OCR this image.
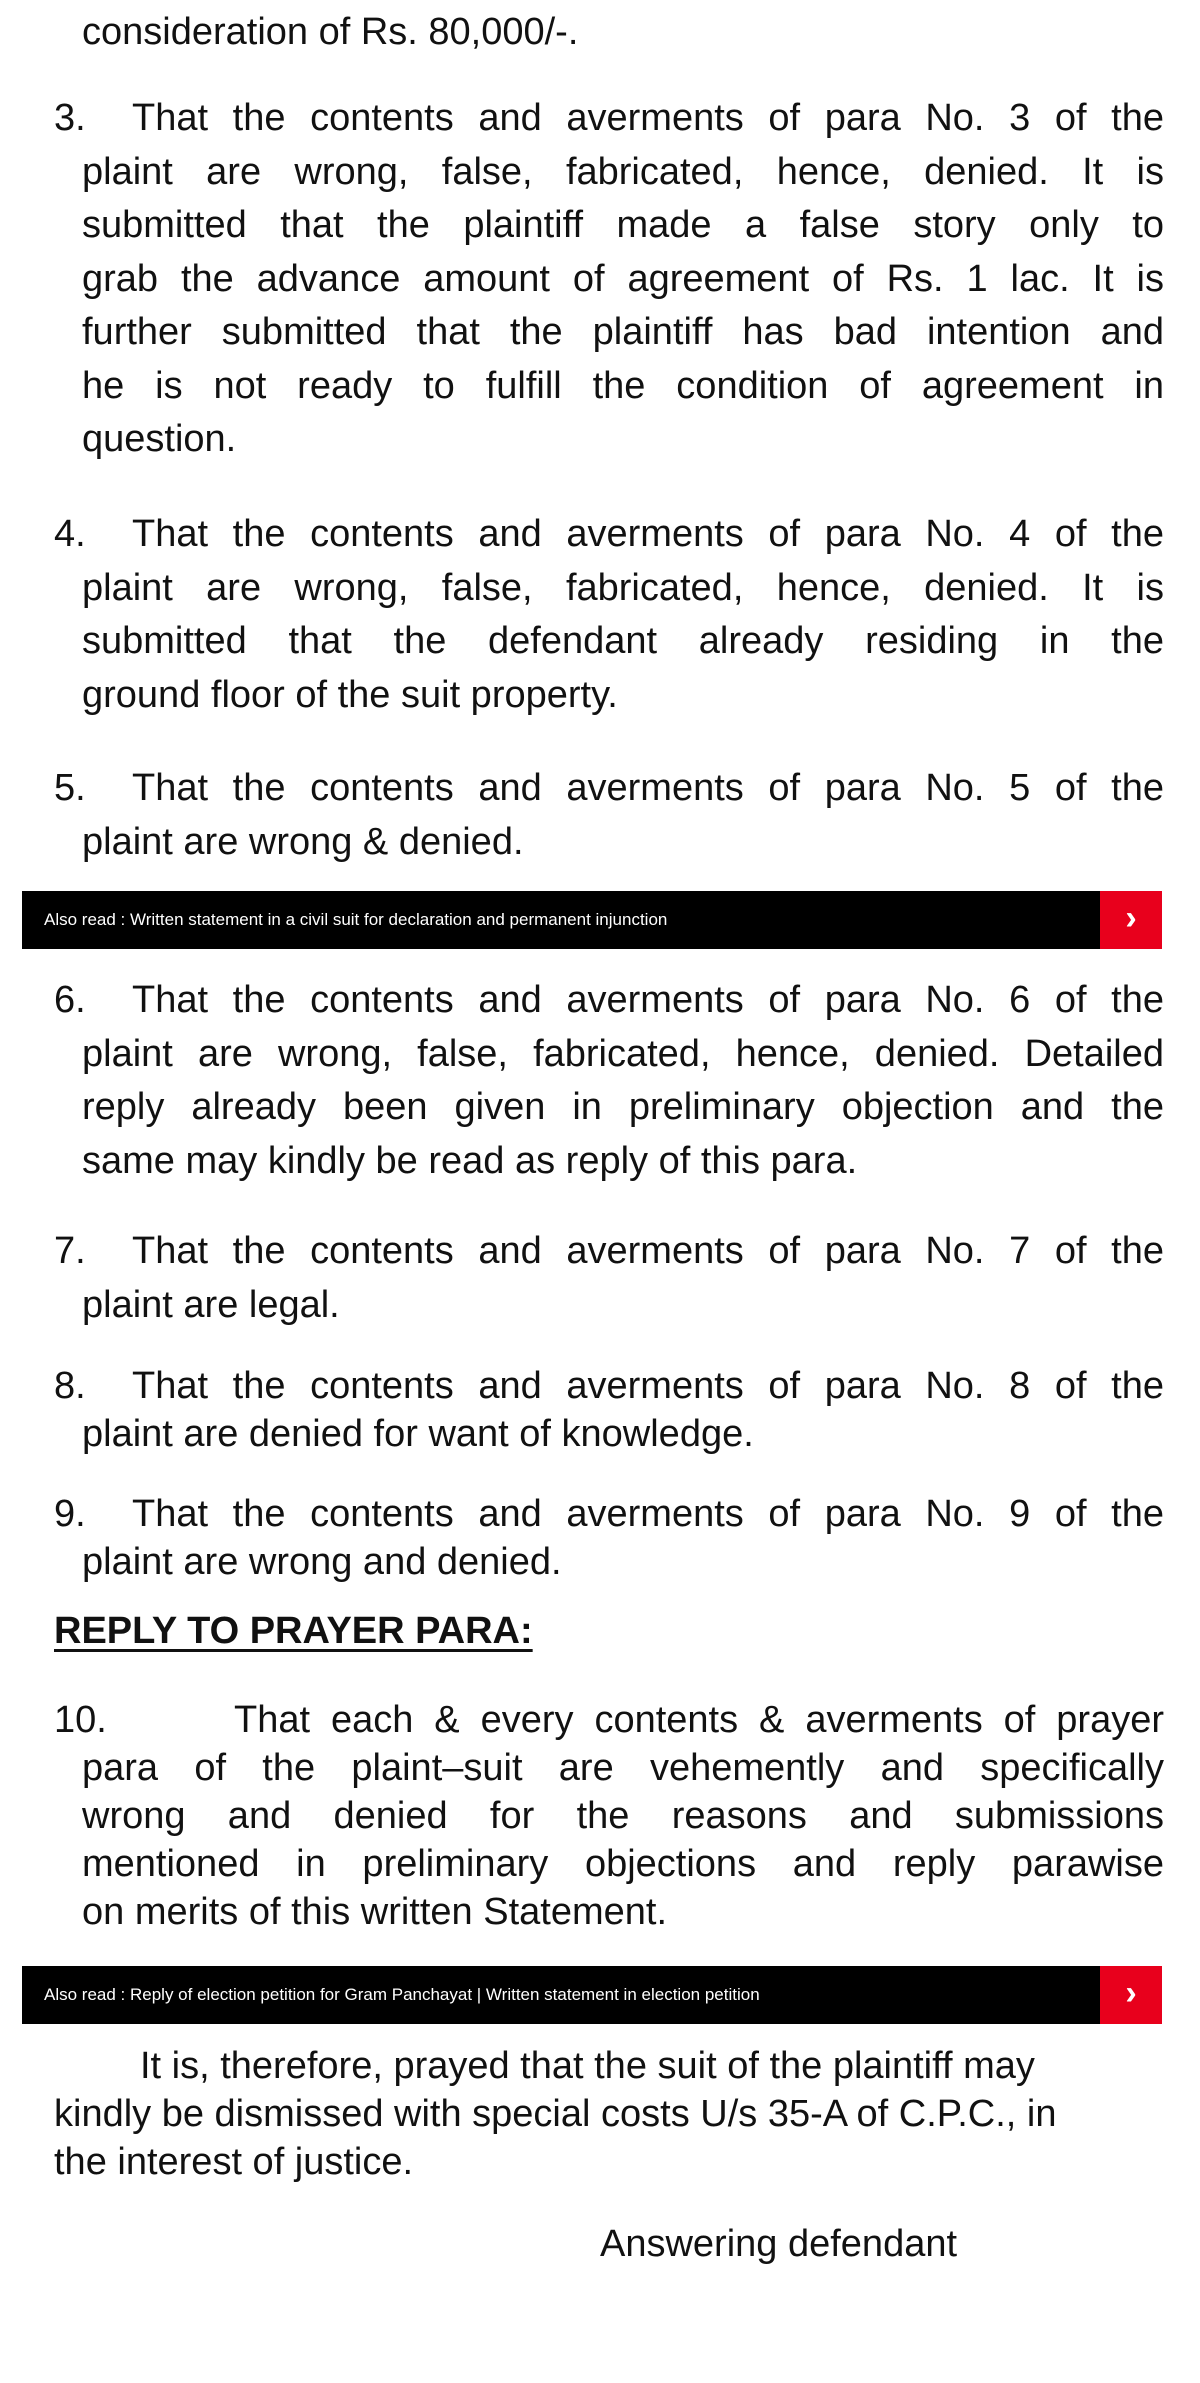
consideration of Rs. 80,000/-.
3. That the contents and averments of para No. 3 of the
plaint are wrong, false, fabricated, hence, denied. It is
submitted that the plaintiff made a false story only to
grab the advance amount of agreement of Rs. 1 lac. It is
further submitted that the plaintiff has bad intention and
he is not ready to fulfill the condition of agreement in
question.
4. That the contents and averments of para No. 4 of the
plaint are wrong, false, fabricated, hence, denied. It is
submitted that the defendant already residing in the
ground floor of the suit property.
5. That the contents and averments of para No. 5 of the
plaint are wrong & denied.
Also read : Written statement in a civil suit for declaration and permanent injunction	›
6. That the contents and averments of para No. 6 of the
plaint are wrong, false, fabricated, hence, denied. Detailed
reply already been given in preliminary objection and the
same may kindly be read as reply of this para.
7. That the contents and averments of para No. 7 of the
plaint are legal.
8. That the contents and averments of para No. 8 of the
plaint are denied for want of knowledge.
9. That the contents and averments of para No. 9 of the
plaint are wrong and denied.
REPLY TO PRAYER PARA:
10.	That each & every contents & averments of prayer
para of the plaint–suit are vehemently and specifically
wrong and denied for the reasons and submissions
mentioned in preliminary objections and reply parawise
on merits of this written Statement.
Also read : Reply of election petition for Gram Panchayat | Written statement in election petition	›
It is, therefore, prayed that the suit of the plaintiff may
kindly be dismissed with special costs U/s 35-A of C.P.C., in
the interest of justice.
Answering defendant
